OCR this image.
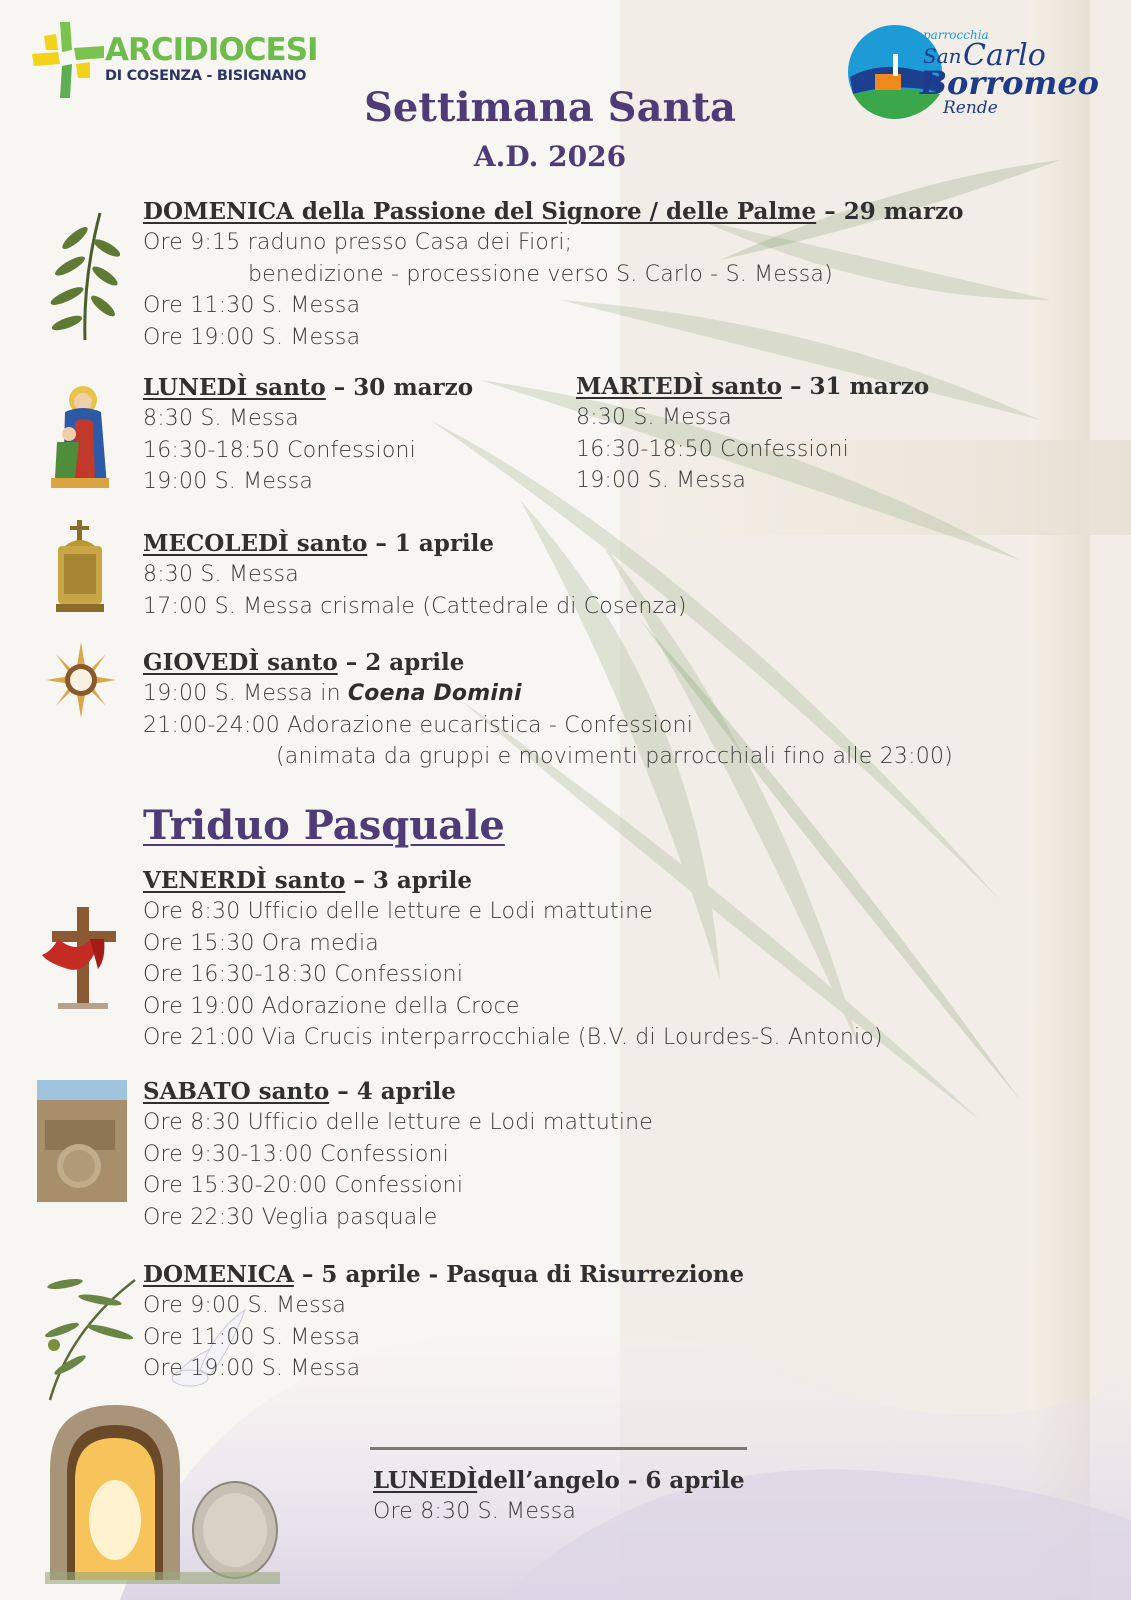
ARCIDIOCESI
DI COSENZA - BISIGNANO
parrocchia
San Carlo
Borromeo
Rende
Settimana Santa
A.D. 2026
DOMENICA della Passione del Signore / delle Palme – 29 marzo
Ore 9:15 raduno presso Casa dei Fiori;
benedizione - processione verso S. Carlo - S. Messa)
Ore 11:30 S. Messa
Ore 19:00 S. Messa
LUNEDÌ santo – 30 marzo
8:30 S. Messa
16:30-18:50 Confessioni
19:00 S. Messa
MARTEDÌ santo – 31 marzo
8:30 S. Messa
16:30-18:50 Confessioni
19:00 S. Messa
MECOLEDÌ santo – 1 aprile
8:30 S. Messa
17:00 S. Messa crismale (Cattedrale di Cosenza)
GIOVEDÌ santo – 2 aprile
19:00 S. Messa in Coena Domini
21:00-24:00 Adorazione eucaristica - Confessioni
(animata da gruppi e movimenti parrocchiali fino alle 23:00)
Triduo Pasquale
VENERDÌ santo – 3 aprile
Ore 8:30 Ufficio delle letture e Lodi mattutine
Ore 15:30 Ora media
Ore 16:30-18:30 Confessioni
Ore 19:00 Adorazione della Croce
Ore 21:00 Via Crucis interparrocchiale (B.V. di Lourdes-S. Antonio)
SABATO santo – 4 aprile
Ore 8:30 Ufficio delle letture e Lodi mattutine
Ore 9:30-13:00 Confessioni
Ore 15:30-20:00 Confessioni
Ore 22:30 Veglia pasquale
DOMENICA – 5 aprile - Pasqua di Risurrezione
Ore 9:00 S. Messa
Ore 11:00 S. Messa
Ore 19:00 S. Messa
LUNEDÌdell’angelo - 6 aprile
Ore 8:30 S. Messa
